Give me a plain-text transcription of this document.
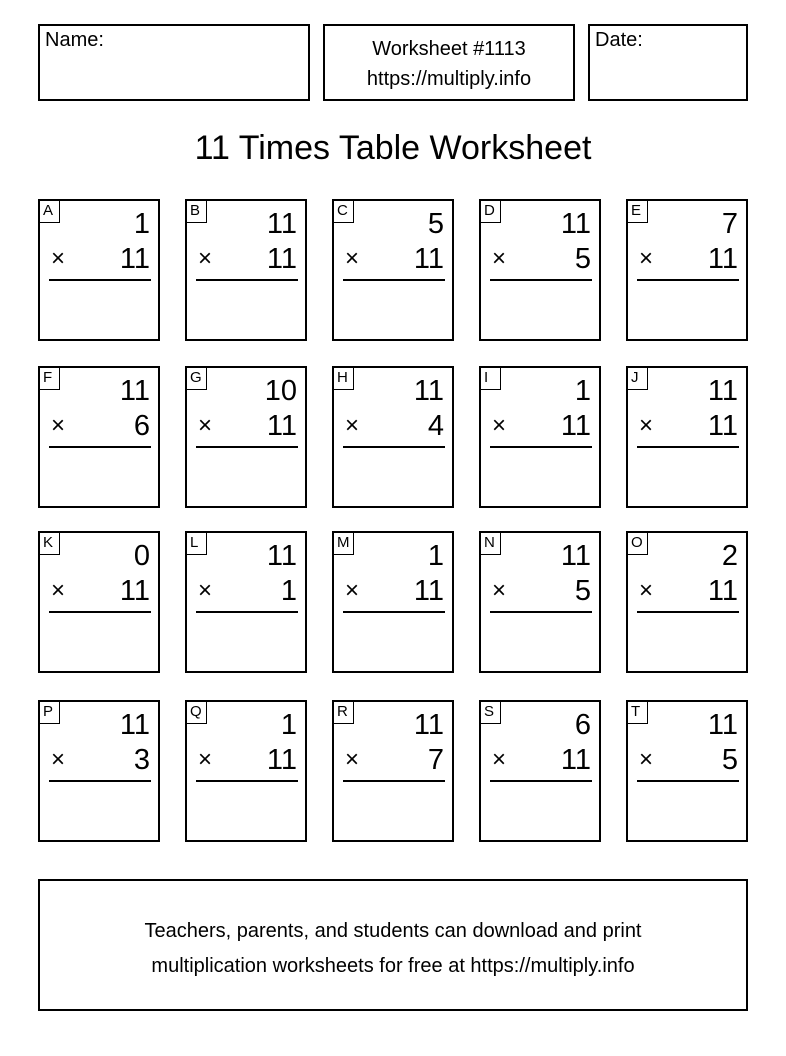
Name:	Worksheet #1113
https://multiply.info
Date:
11 Times Table Worksheet
A	1
× 11
B 11
× 11
C	5
× 11
D 11
× 5
E	7
× 11
F 11
× 6
G 10
× 11
H 11
× 4
I	1
× 11
J	11
× 11
K	0
× 11
L 11
× 1
M	1
× 11
N 11
× 5
O	2
× 11
P 11
× 3
Q	1
× 11
R 11
× 7
S	6
× 11
T 11
× 5
Teachers, parents, and students can download and print
multiplication worksheets for free at https://multiply.info
